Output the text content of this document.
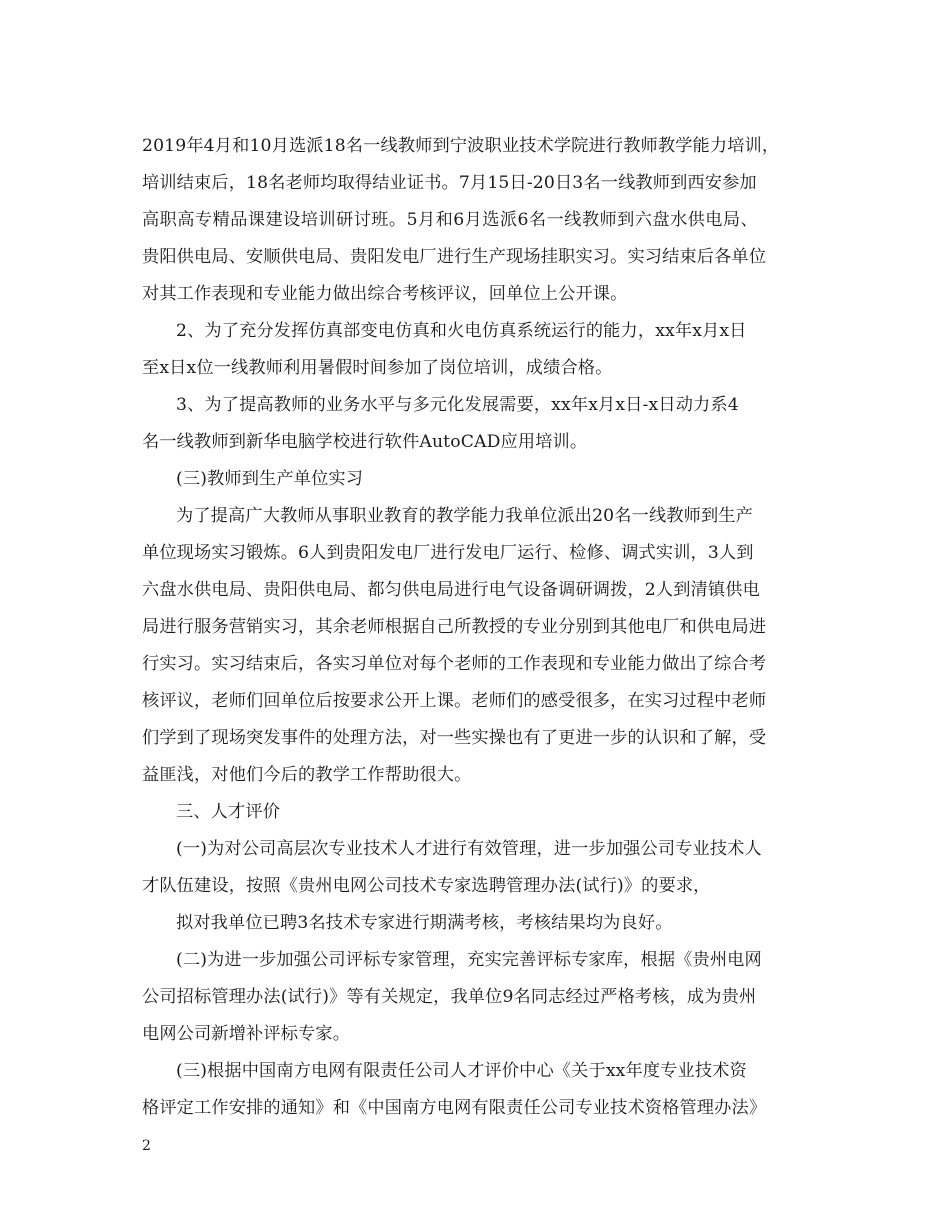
2019年4月和10月选派18名一线教师到宁波职业技术学院进行教师教学能力培训，
培训结束后，18名老师均取得结业证书。7月15日-20日3名一线教师到西安参加
高职高专精品课建设培训研讨班。5月和6月选派6名一线教师到六盘水供电局、
贵阳供电局、安顺供电局、贵阳发电厂进行生产现场挂职实习。实习结束后各单位
对其工作表现和专业能力做出综合考核评议，回单位上公开课。
2、为了充分发挥仿真部变电仿真和火电仿真系统运行的能力，xx年x月x日
至x日x位一线教师利用暑假时间参加了岗位培训，成绩合格。
3、为了提高教师的业务水平与多元化发展需要，xx年x月x日-x日动力系4
名一线教师到新华电脑学校进行软件AutoCAD应用培训。
(三)教师到生产单位实习
为了提高广大教师从事职业教育的教学能力我单位派出20名一线教师到生产
单位现场实习锻炼。6人到贵阳发电厂进行发电厂运行、检修、调式实训，3人到
六盘水供电局、贵阳供电局、都匀供电局进行电气设备调研调拨，2人到清镇供电
局进行服务营销实习，其余老师根据自己所教授的专业分别到其他电厂和供电局进
行实习。实习结束后，各实习单位对每个老师的工作表现和专业能力做出了综合考
核评议，老师们回单位后按要求公开上课。老师们的感受很多，在实习过程中老师
们学到了现场突发事件的处理方法，对一些实操也有了更进一步的认识和了解，受
益匪浅，对他们今后的教学工作帮助很大。
三、人才评价
(一)为对公司高层次专业技术人才进行有效管理，进一步加强公司专业技术人
才队伍建设，按照《贵州电网公司技术专家选聘管理办法(试行)》的要求，
拟对我单位已聘3名技术专家进行期满考核，考核结果均为良好。
(二)为进一步加强公司评标专家管理，充实完善评标专家库，根据《贵州电网
公司招标管理办法(试行)》等有关规定，我单位9名同志经过严格考核，成为贵州
电网公司新增补评标专家。
(三)根据中国南方电网有限责任公司人才评价中心《关于xx年度专业技术资
格评定工作安排的通知》和《中国南方电网有限责任公司专业技术资格管理办法》
2
